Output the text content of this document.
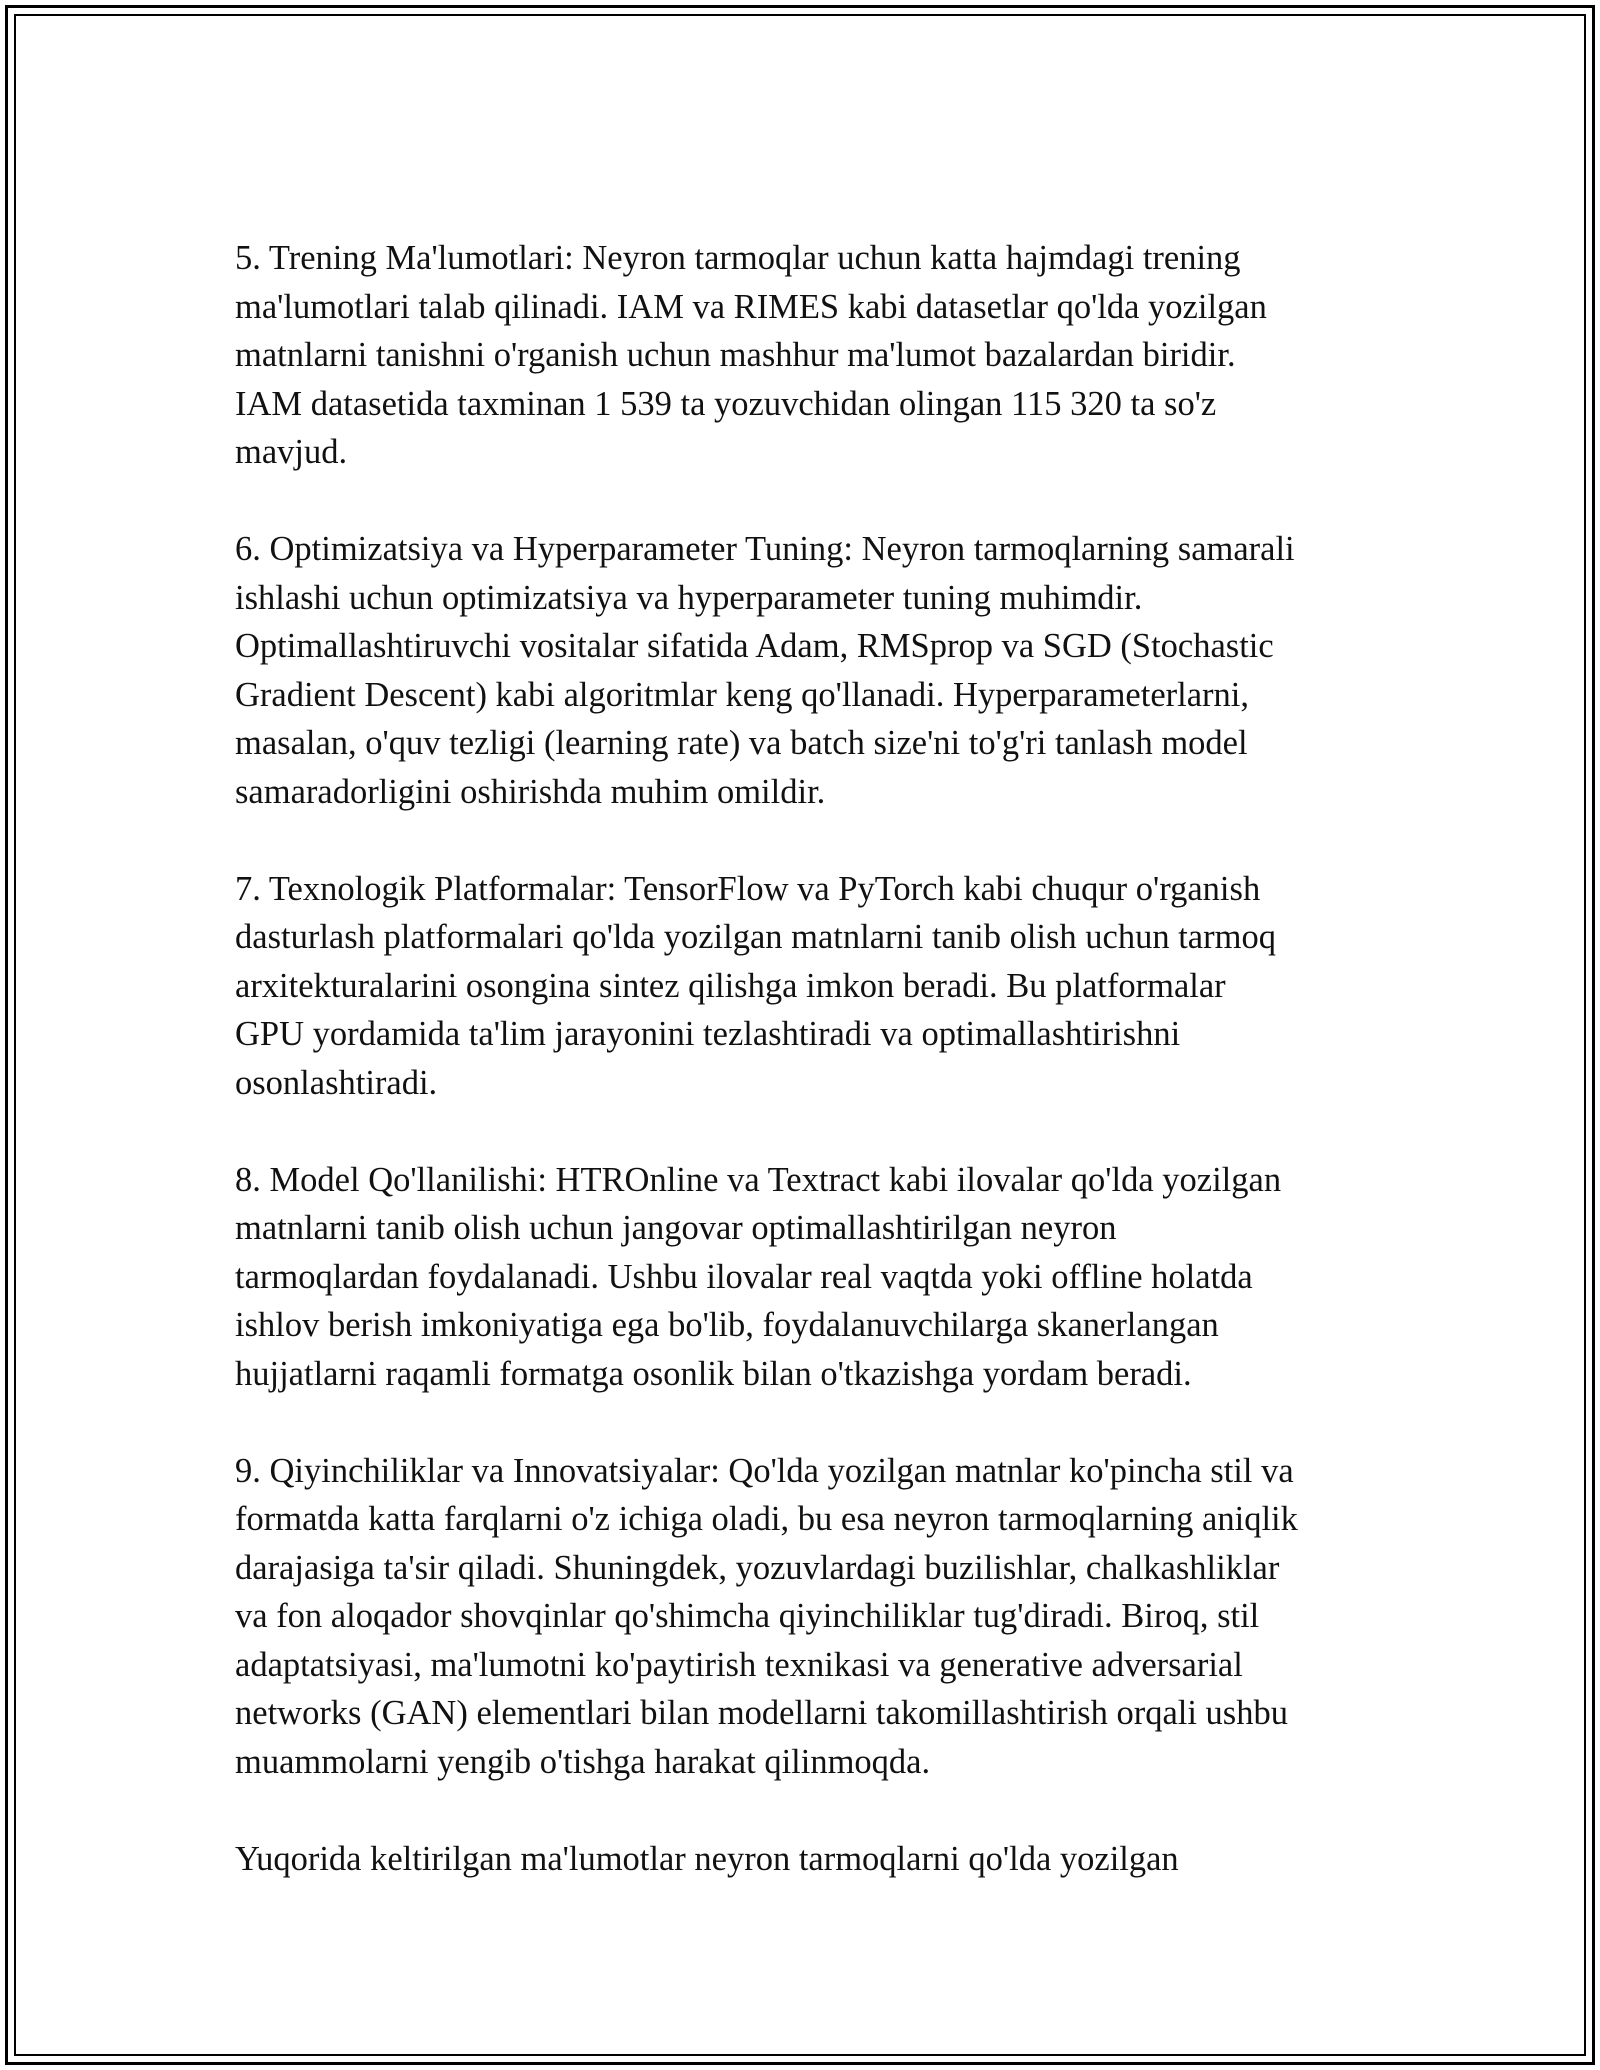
5. Trening Ma'lumotlari: Neyron tarmoqlar uchun katta hajmdagi trening
ma'lumotlari talab qilinadi. IAM va RIMES kabi datasetlar qo'lda yozilgan
matnlarni tanishni o'rganish uchun mashhur ma'lumot bazalardan biridir.
IAM datasetida taxminan 1 539 ta yozuvchidan olingan 115 320 ta so'z
mavjud.

6. Optimizatsiya va Hyperparameter Tuning: Neyron tarmoqlarning samarali
ishlashi uchun optimizatsiya va hyperparameter tuning muhimdir.
Optimallashtiruvchi vositalar sifatida Adam, RMSprop va SGD (Stochastic
Gradient Descent) kabi algoritmlar keng qo'llanadi. Hyperparameterlarni,
masalan, o'quv tezligi (learning rate) va batch size'ni to'g'ri tanlash model
samaradorligini oshirishda muhim omildir.

7. Texnologik Platformalar: TensorFlow va PyTorch kabi chuqur o'rganish
dasturlash platformalari qo'lda yozilgan matnlarni tanib olish uchun tarmoq
arxitekturalarini osongina sintez qilishga imkon beradi. Bu platformalar
GPU yordamida ta'lim jarayonini tezlashtiradi va optimallashtirishni
osonlashtiradi.

8. Model Qo'llanilishi: HTROnline va Textract kabi ilovalar qo'lda yozilgan
matnlarni tanib olish uchun jangovar optimallashtirilgan neyron
tarmoqlardan foydalanadi. Ushbu ilovalar real vaqtda yoki offline holatda
ishlov berish imkoniyatiga ega bo'lib, foydalanuvchilarga skanerlangan
hujjatlarni raqamli formatga osonlik bilan o'tkazishga yordam beradi.

9. Qiyinchiliklar va Innovatsiyalar: Qo'lda yozilgan matnlar ko'pincha stil va
formatda katta farqlarni o'z ichiga oladi, bu esa neyron tarmoqlarning aniqlik
darajasiga ta'sir qiladi. Shuningdek, yozuvlardagi buzilishlar, chalkashliklar
va fon aloqador shovqinlar qo'shimcha qiyinchiliklar tug'diradi. Biroq, stil
adaptatsiyasi, ma'lumotni ko'paytirish texnikasi va generative adversarial
networks (GAN) elementlari bilan modellarni takomillashtirish orqali ushbu
muammolarni yengib o'tishga harakat qilinmoqda.

Yuqorida keltirilgan ma'lumotlar neyron tarmoqlarni qo'lda yozilgan
